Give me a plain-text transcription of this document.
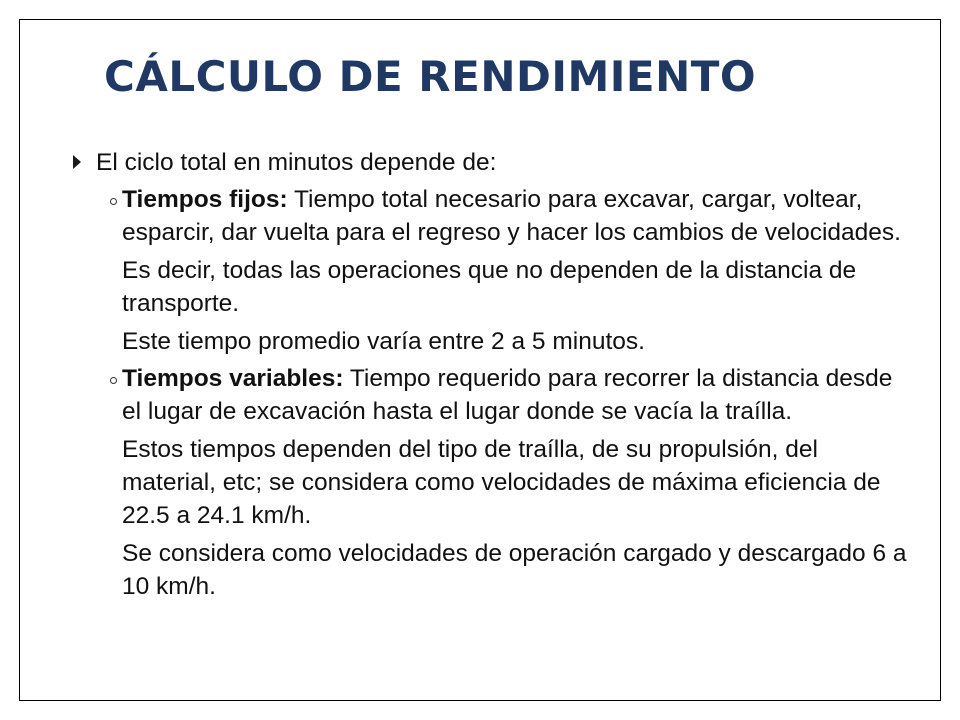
CÁLCULO DE RENDIMIENTO

El ciclo total en minutos depende de:

Tiempos fijos: Tiempo total necesario para excavar, cargar, voltear, esparcir, dar vuelta para el regreso y hacer los cambios de velocidades.

Es decir, todas las operaciones que no dependen de la distancia de transporte.

Este tiempo promedio varía entre 2 a 5 minutos.

Tiempos variables: Tiempo requerido para recorrer la distancia desde el lugar de excavación hasta el lugar donde se vacía la traílla.

Estos tiempos dependen del tipo de traílla, de su propulsión, del material, etc; se considera como velocidades de máxima eficiencia de 22.5 a 24.1 km/h.

Se considera como velocidades de operación cargado y descargado 6 a 10 km/h.
